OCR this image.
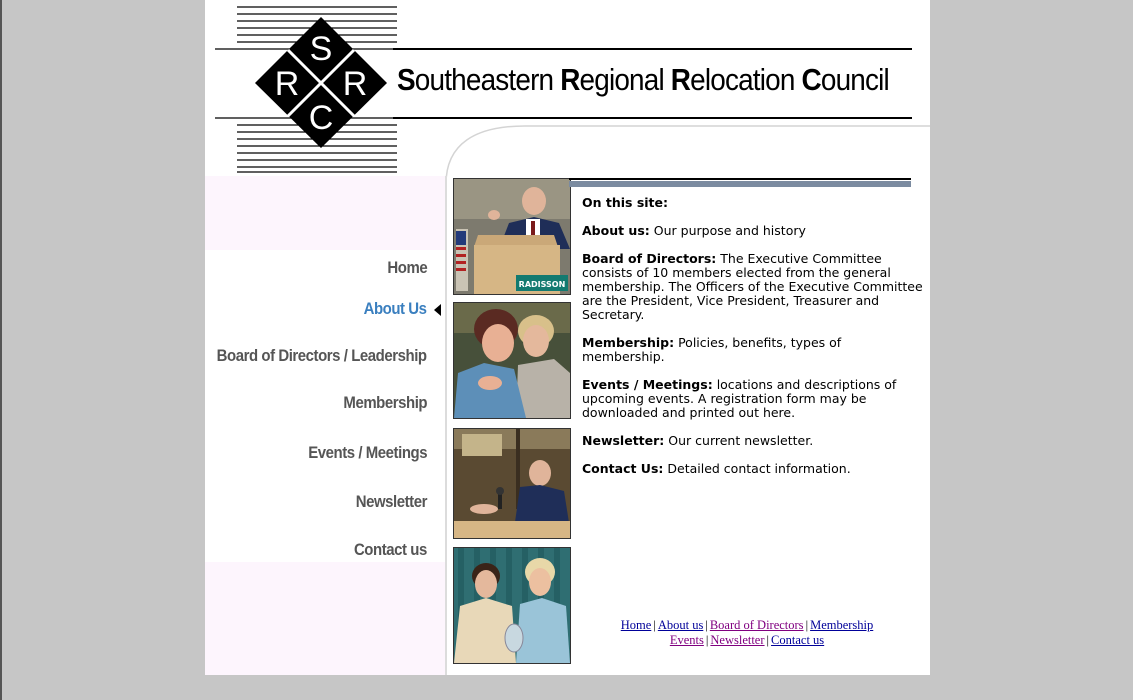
S
R R
C
Southeastern Regional Relocation Council
Home
About Us
Board of Directors / Leadership
Membership
Events / Meetings
Newsletter
Contact us
RADISSON

On this site:

About us: Our purpose and history

Board of Directors: The Executive Committee consists of 10 members elected from the general membership. The Officers of the Executive Committee are the President, Vice President, Treasurer and Secretary.

Membership: Policies, benefits, types of membership.

Events / Meetings: locations and descriptions of upcoming events. A registration form may be downloaded and printed out here.

Newsletter: Our current newsletter.

Contact Us: Detailed contact information.

Home | About us | Board of Directors | Membership
Events | Newsletter | Contact us
